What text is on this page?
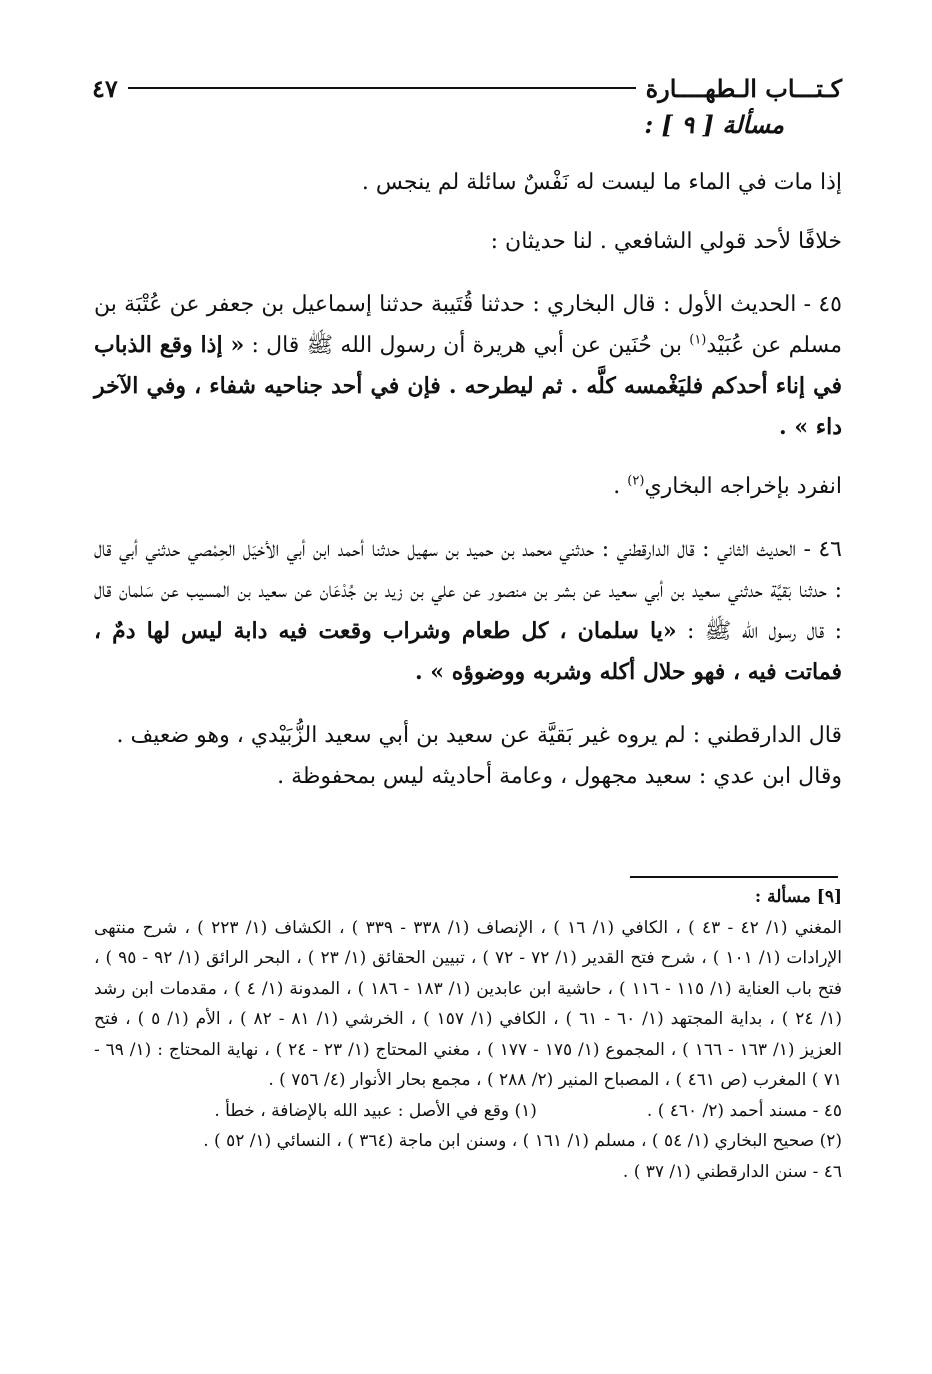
كـتـــاب الـطهــــارة
٤٧
مسألة [ ٩ ] :

إذا مات في الماء ما ليست له نَفْسٌ سائلة لم ينجس .

خلافًا لأحد قولي الشافعي . لنا حديثان :

٤٥ - الحديث الأول : قال البخاري : حدثنا قُتَيبة حدثنا إسماعيل بن جعفر عن عُتْبَة بن مسلم عن عُبَيْد$^{(١)}$ بن حُنَين عن أبي هريرة أن رسول الله ﷺ قال : « إذا وقع الذباب في إناء أحدكم فليَغْمسه كلَّه . ثم ليطرحه . فإن في أحد جناحيه شفاء ، وفي الآخر داء » .

انفرد بإخراجه البخاري$^{(٢)}$ .

٤٦ - الحديث الثاني : قال الدارقطني : حدثني محمد بن حميد بن سهيل حدثنا أحمد ابن أبي الأخيَل الحِمْصي حدثني أبي قال : حدثنا بَقيَّة حدثني سعيد بن أبي سعيد عن بشر بن منصور عن علي بن زيد بن جُدْعَان عن سعيد بن المسيب عن سَلمان قال : قال رسول الله ﷺ : «يا سلمان ، كل طعام وشراب وقعت فيه دابة ليس لها دمٌ ، فماتت فيه ، فهو حلال أكله وشربه ووضوؤه » .

قال الدارقطني : لم يروه غير بَقيَّة عن سعيد بن أبي سعيد الزُّبَيْدي ، وهو ضعيف .

وقال ابن عدي : سعيد مجهول ، وعامة أحاديثه ليس بمحفوظة .

[٩] مسألة :

المغني (١/ ٤٢ - ٤٣ ) ، الكافي (١/ ١٦ ) ، الإنصاف (١/ ٣٣٨ - ٣٣٩ ) ، الكشاف (١/ ٢٢٣ ) ، شرح منتهى الإرادات (١/ ١٠١ ) ، شرح فتح القدير (١/ ٧٢ - ٧٢ ) ، تبيين الحقائق (١/ ٢٣ ) ، البحر الرائق (١/ ٩٢ - ٩٥ ) ، فتح باب العناية (١/ ١١٥ - ١١٦ ) ، حاشية ابن عابدين (١/ ١٨٣ - ١٨٦ ) ، المدونة (١/ ٤ ) ، مقدمات ابن رشد (١/ ٢٤ ) ، بداية المجتهد (١/ ٦٠ - ٦١ ) ، الكافي (١/ ١٥٧ ) ، الخرشي (١/ ٨١ - ٨٢ ) ، الأم (١/ ٥ ) ، فتح العزيز (١/ ١٦٣ - ١٦٦ ) ، المجموع (١/ ١٧٥ - ١٧٧ ) ، مغني المحتاج (١/ ٢٣ - ٢٤ ) ، نهاية المحتاج : (١/ ٦٩ - ٧١ ) المغرب (ص ٤٦١ ) ، المصباح المنير (٢/ ٢٨٨ ) ، مجمع بحار الأنوار (٤/ ٧٥٦ ) .

٤٥ - مسند أحمد (٢/ ٤٦٠ ) .
(١) وقع في الأصل : عبيد الله بالإضافة ، خطأ .

(٢) صحيح البخاري (١/ ٥٤ ) ، مسلم (١/ ١٦١ ) ، وسنن ابن ماجة (٣٦٤ ) ، النسائي (١/ ٥٢ ) .

٤٦ - سنن الدارقطني (١/ ٣٧ ) .
